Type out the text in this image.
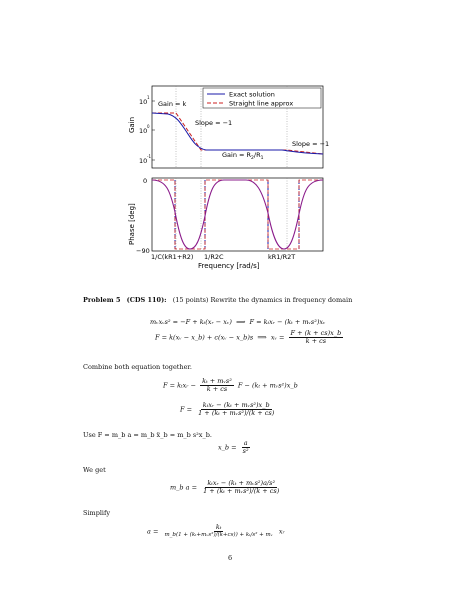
10
1
10
0
10
-1
Gain
Gain = k
Slope = −1
Gain = $R_2/R_1$
Slope = −1
Exact solution
Straight line approx
0
−90
Phase [deg]
1/C(kR1+R2) 1/R2C	kR1/R2T
Frequency [rad/s]
Problem 5 (CDS 110): (15 points) Rewrite the dynamics in frequency domain
mᵥxᵥs² = −F + kₜ(xᵣ − xᵥ) ⟹ F = kₜxᵣ − (kₜ + mᵥs²)xᵥ
F = k(xᵥ − x_b) + c(xᵥ − x_b)s ⟹ xᵥ = $\frac{F + (k + cs)x\_b}{k + cs}$
Combine both equation together.
F = kₜxᵣ − $\frac{\text{kₜ + mᵥs²}}{k + cs}$ F − (kₜ + mᵥs²)x_b
$F = \frac{\text{kₜxᵣ − (kₜ + mᵥs²)x\_b}}{\text{1 + (kₜ + mᵥs²)/(k + cs)}}$
Use F = m_b a = m_b ẍ_b = m_b s²x_b.
x_b = $\frac{a}{\text{s²}}$
We get
m_b $a = \frac{\text{kₜxᵣ − (kₜ + mᵥs²)a/s²}}{\text{1 + (kₜ + mᵥs²)/(k + cs)}}$
Simplify
$a = \frac{\text{kₜ}}{\text{m\_b(1 + (kₜ+mᵥs²)/(k+cs)) + kₜ/s² + mᵥ}}$ xᵣ
6
